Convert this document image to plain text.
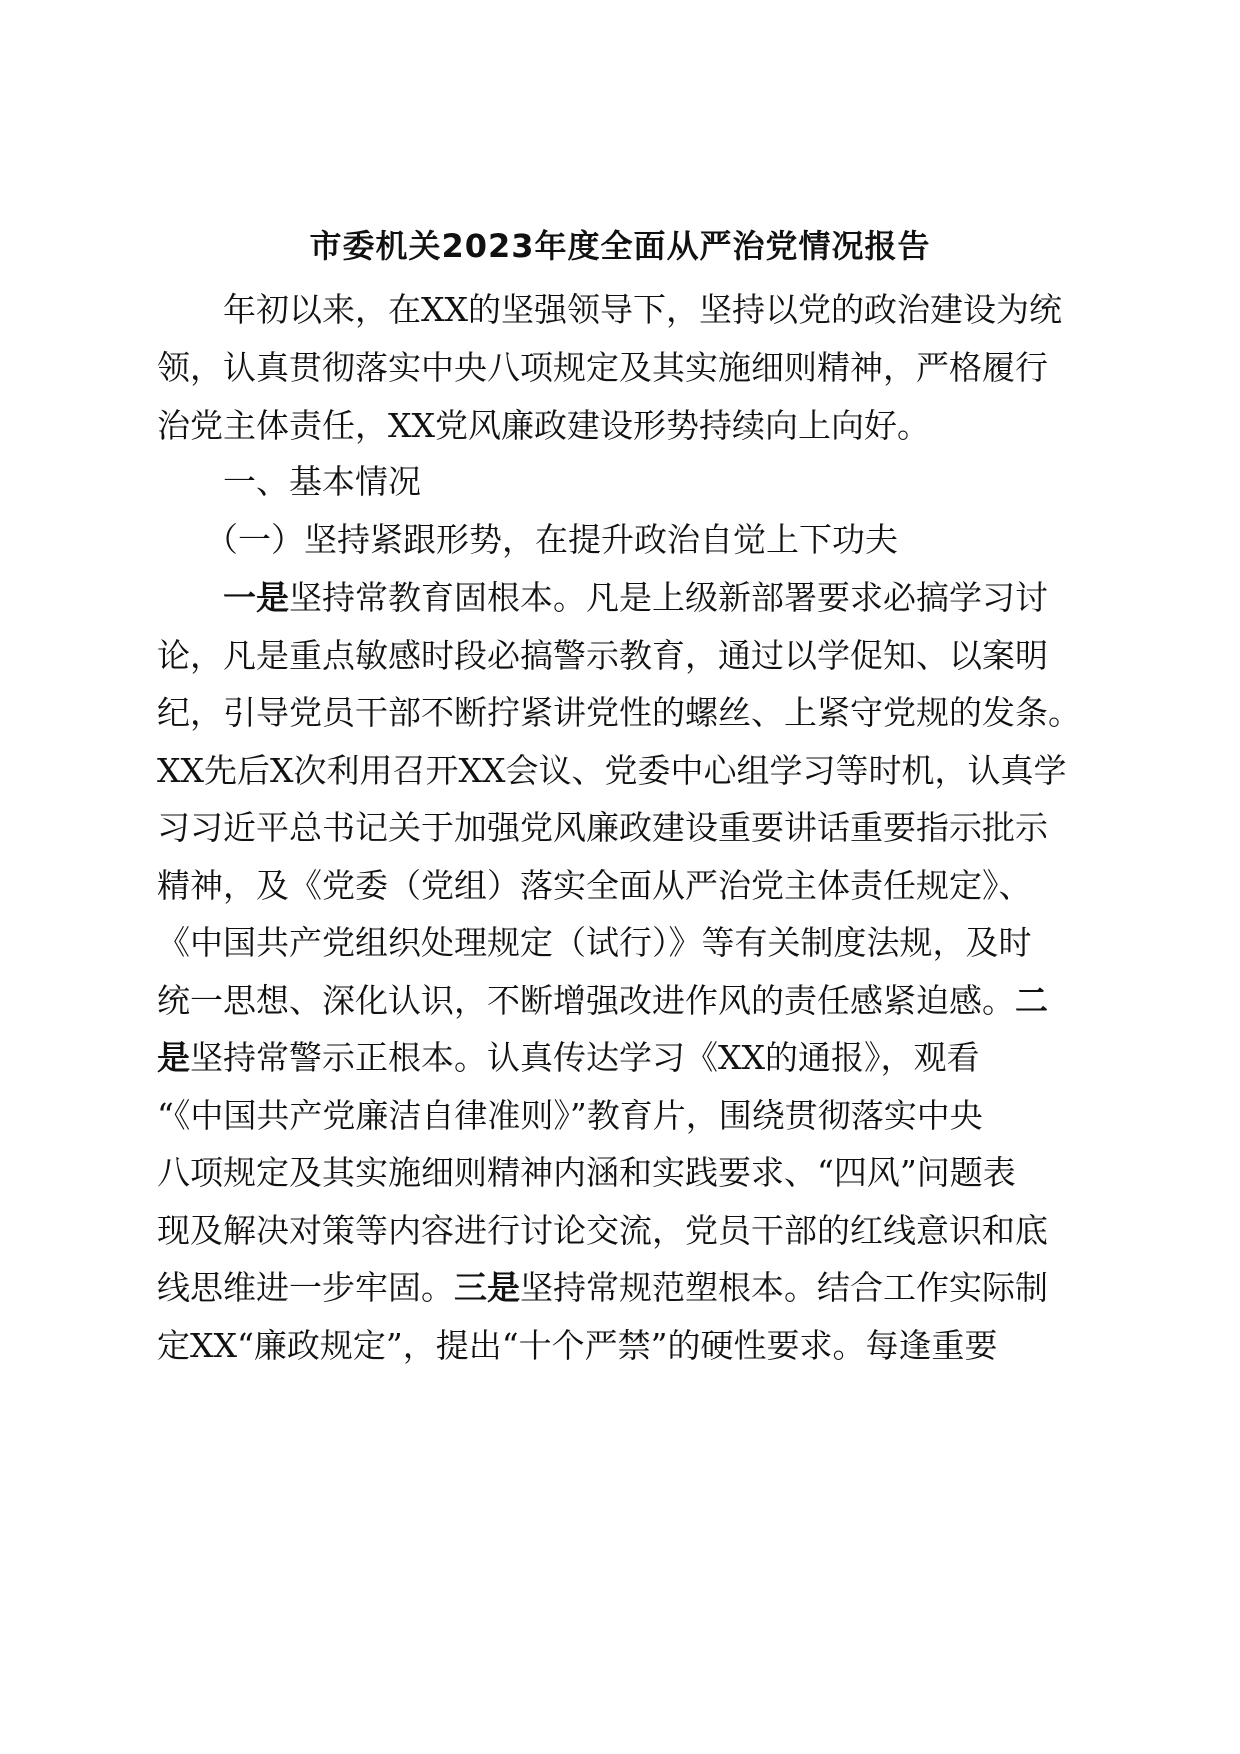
市委机关2023年度全面从严治党情况报告
年初以来，在XX的坚强领导下，坚持以党的政治建设为统
领，认真贯彻落实中央八项规定及其实施细则精神，严格履行
治党主体责任，XX党风廉政建设形势持续向上向好。
一、基本情况
（一）坚持紧跟形势，在提升政治自觉上下功夫
一是坚持常教育固根本。凡是上级新部署要求必搞学习讨
论，凡是重点敏感时段必搞警示教育，通过以学促知、以案明
纪，引导党员干部不断拧紧讲党性的螺丝、上紧守党规的发条。
XX先后X次利用召开XX会议、党委中心组学习等时机，认真学
习习近平总书记关于加强党风廉政建设重要讲话重要指示批示
精神，及《党委（党组）落实全面从严治党主体责任规定》、
《中国共产党组织处理规定（试行）》等有关制度法规，及时
统一思想、深化认识，不断增强改进作风的责任感紧迫感。二
是坚持常警示正根本。认真传达学习《XX的通报》，观看
“《中国共产党廉洁自律准则》”教育片，围绕贯彻落实中央
八项规定及其实施细则精神内涵和实践要求、“四风”问题表
现及解决对策等内容进行讨论交流，党员干部的红线意识和底
线思维进一步牢固。三是坚持常规范塑根本。结合工作实际制
定XX“廉政规定”，提出“十个严禁”的硬性要求。每逢重要
